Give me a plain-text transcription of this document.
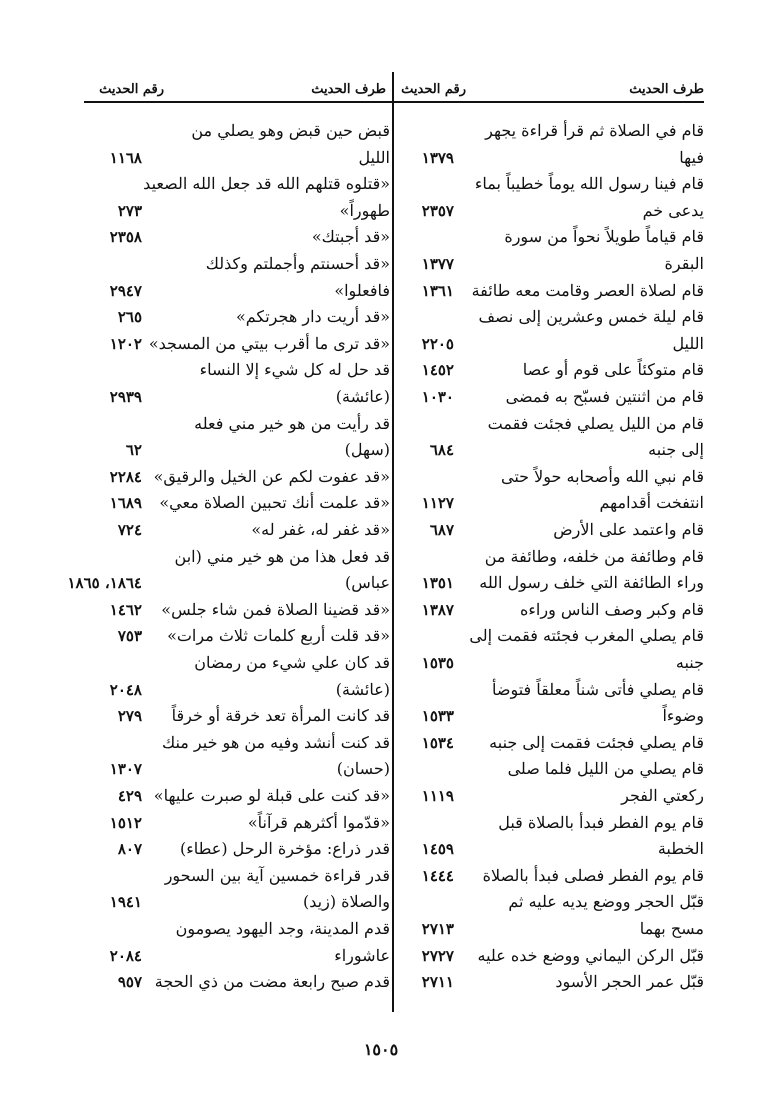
طرف الحديث
رقم الحديث
طرف الحديث
رقم الحديث
قام في الصلاة ثم قرأ قراءة يجهر
فيها
١٣٧٩
قام فينا رسول الله يوماً خطيباً بماء
يدعى خم
٢٣٥٧
قام قياماً طويلاً نحواً من سورة
البقرة
١٣٧٧
قام لصلاة العصر وقامت معه طائفة
١٣٦١
قام ليلة خمس وعشرين إلى نصف
الليل
٢٢٠٥
قام متوكئاً على قوم أو عصا
١٤٥٢
قام من اثنتين فسبّح به فمضى
١٠٣٠
قام من الليل يصلي فجئت فقمت
إلى جنبه
٦٨٤
قام نبي الله وأصحابه حولاً حتى
انتفخت أقدامهم
١١٢٧
قام واعتمد على الأرض
٦٨٧
قام وطائفة من خلفه، وطائفة من
وراء الطائفة التي خلف رسول الله
١٣٥١
قام وكبر وصف الناس وراءه
١٣٨٧
قام يصلي المغرب فجئته فقمت إلى
جنبه
١٥٣٥
قام يصلي فأتى شناً معلقاً فتوضأ
وضوءاً
١٥٣٣
قام يصلي فجئت فقمت إلى جنبه
١٥٣٤
قام يصلي من الليل فلما صلى
ركعتي الفجر
١١١٩
قام يوم الفطر فبدأ بالصلاة قبل
الخطبة
١٤٥٩
قام يوم الفطر فصلى فبدأ بالصلاة
١٤٤٤
قبّل الحجر ووضع يديه عليه ثم
مسح بهما
٢٧١٣
قبّل الركن اليماني ووضع خده عليه
٢٧٢٧
قبّل عمر الحجر الأسود
٢٧١١
قبض حين قبض وهو يصلي من
الليل
١١٦٨
«قتلوه قتلهم الله قد جعل الله الصعيد
طهوراً»
٢٧٣
«قد أجبتك»
٢٣٥٨
«قد أحسنتم وأجملتم وكذلك
فافعلوا»
٢٩٤٧
«قد أريت دار هجرتكم»
٢٦٥
«قد ترى ما أقرب بيتي من المسجد»
١٢٠٢
قد حل له كل شيء إلا النساء
(عائشة)
٢٩٣٩
قد رأيت من هو خير مني فعله
(سهل)
٦٢
«قد عفوت لكم عن الخيل والرقيق»
٢٢٨٤
«قد علمت أنك تحبين الصلاة معي»
١٦٨٩
«قد غفر له، غفر له»
٧٢٤
قد فعل هذا من هو خير مني (ابن
عباس)
١٨٦٤، ١٨٦٥
«قد قضينا الصلاة فمن شاء جلس»
١٤٦٢
«قد قلت أربع كلمات ثلاث مرات»
٧٥٣
قد كان علي شيء من رمضان
(عائشة)
٢٠٤٨
قد كانت المرأة تعد خرقة أو خرقاً
٢٧٩
قد كنت أنشد وفيه من هو خير منك
(حسان)
١٣٠٧
«قد كنت على قبلة لو صبرت عليها»
٤٢٩
«قدّموا أكثرهم قرآناً»
١٥١٢
قدر ذراع: مؤخرة الرحل (عطاء)
٨٠٧
قدر قراءة خمسين آية بين السحور
والصلاة (زيد)
١٩٤١
قدم المدينة، وجد اليهود يصومون
عاشوراء
٢٠٨٤
قدم صبح رابعة مضت من ذي الحجة
٩٥٧
١٥٠٥
